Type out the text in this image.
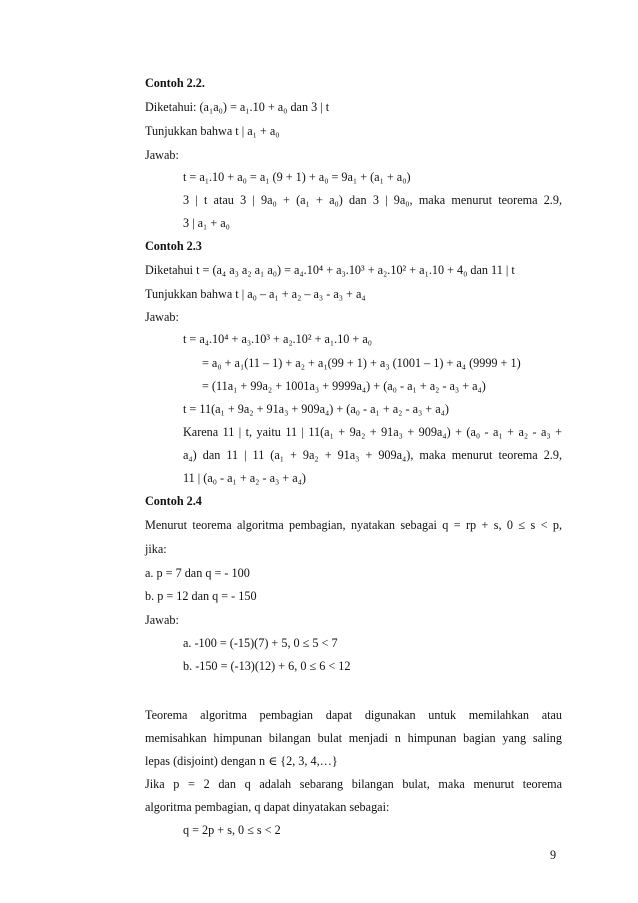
Contoh 2.2.
Diketahui: (a₁a₀) = a₁.10 + a₀ dan 3 | t
Tunjukkan bahwa t | a₁ + a₀
Jawab:
t = a₁.10 + a₀ = a₁ (9 + 1) + a₀ = 9a₁ + (a₁ + a₀)
3 | t atau 3 | 9a₀ + (a₁ + a₀) dan 3 | 9a₀, maka menurut teorema 2.9,
3 | a₁ + a₀
Contoh 2.3
Diketahui t = (a₄ a₃ a₂ a₁ a₀) = a₄.10⁴ + a₃.10³ + a₂.10² + a₁.10 + 4₀ dan 11 | t
Tunjukkan bahwa t | a₀ – a₁ + a₂ – a₃ - a₃ + a₄
Jawab:
t = a₄.10⁴ + a₃.10³ + a₂.10² + a₁.10 + a₀
= a₀ + a₁(11 – 1) + a₂ + a₁(99 + 1) + a₃ (1001 – 1) + a₄ (9999 + 1)
= (11a₁ + 99a₂ + 1001a₃ + 9999a₄) + (a₀ - a₁ + a₂ - a₃ + a₄)
t = 11(a₁ + 9a₂ + 91a₃ + 909a₄) + (a₀ - a₁ + a₂ - a₃ + a₄)
Karena 11 | t, yaitu 11 | 11(a₁ + 9a₂ + 91a₃ + 909a₄) + (a₀ - a₁ + a₂ - a₃ +
a₄) dan 11 | 11 (a₁ + 9a₂ + 91a₃ + 909a₄), maka menurut teorema 2.9,
11 | (a₀ - a₁ + a₂ - a₃ + a₄)
Contoh 2.4
Menurut teorema algoritma pembagian, nyatakan sebagai q = rp + s, 0 ≤ s < p,
jika:
a. p = 7 dan q = - 100
b. p = 12 dan q = - 150
Jawab:
a. -100 = (-15)(7) + 5, 0 ≤ 5 < 7
b. -150 = (-13)(12) + 6, 0 ≤ 6 < 12
Teorema algoritma pembagian dapat digunakan untuk memilahkan atau
memisahkan himpunan bilangan bulat menjadi n himpunan bagian yang saling
lepas (disjoint) dengan n ∈ {2, 3, 4,…}
Jika p = 2 dan q adalah sebarang bilangan bulat, maka menurut teorema
algoritma pembagian, q dapat dinyatakan sebagai:
q = 2p + s, 0 ≤ s < 2
9
